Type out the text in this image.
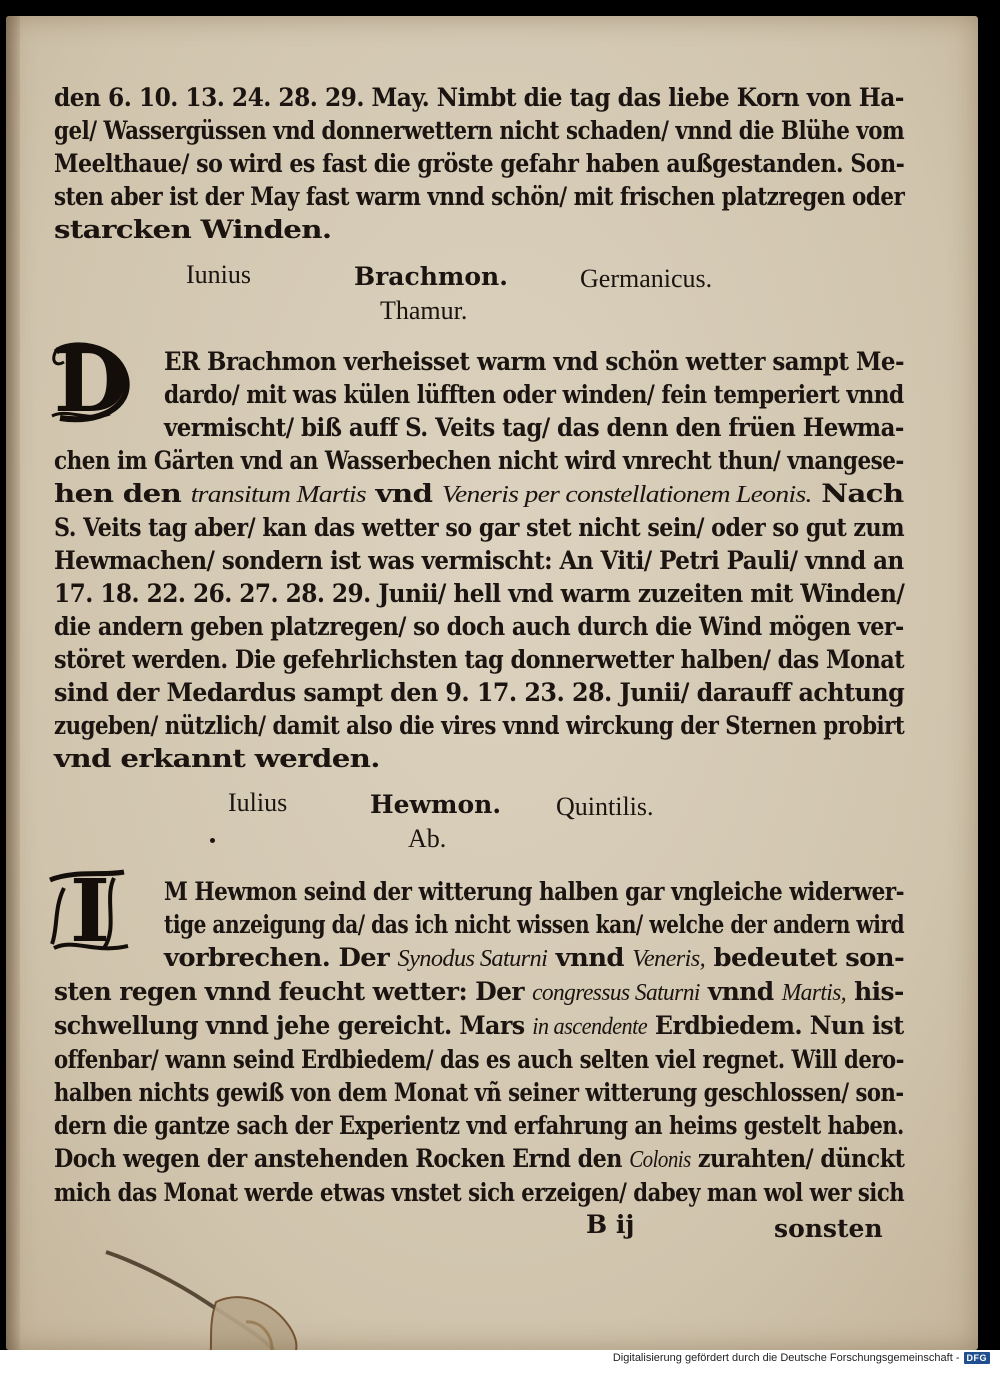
den 6. 10. 13. 24. 28. 29. May. Nimbt die tag das liebe Korn von Ha-
gel/ Wassergüssen vnd donnerwettern nicht schaden/ vnnd die Blühe vom
Meelthaue/ so wird es fast die gröste gefahr haben außgestanden. Son-
sten aber ist der May fast warm vnnd schön/ mit frischen platzregen oder
starcken Winden.
Iunius	Brachmon.	Germanicus.
Thamur.
D	ER Brachmon verheisset warm vnd schön wetter sampt Me-
dardo/ mit was külen lüfften oder winden/ fein temperiert vnnd
vermischt/ biß auff S. Veits tag/ das denn den früen Hewma-
chen im Gärten vnd an Wasserbechen nicht wird vnrecht thun/ vnangese-
hen den transitum Martis vnd Veneris per constellationem Leonis. Nach
S. Veits tag aber/ kan das wetter so gar stet nicht sein/ oder so gut zum
Hewmachen/ sondern ist was vermischt: An Viti/ Petri Pauli/ vnnd an
17. 18. 22. 26. 27. 28. 29. Junii/ hell vnd warm zuzeiten mit Winden/
die andern geben platzregen/ so doch auch durch die Wind mögen ver-
störet werden. Die gefehrlichsten tag donnerwetter halben/ das Monat
sind der Medardus sampt den 9. 17. 23. 28. Junii/ darauff achtung
zugeben/ nützlich/ damit also die vires vnnd wirckung der Sternen probirt
vnd erkannt werden.
Iulius	Hewmon. Quintilis.
Ab.
I	M Hewmon seind der witterung halben gar vngleiche widerwer-
tige anzeigung da/ das ich nicht wissen kan/ welche der andern wird
vorbrechen. Der Synodus Saturni vnnd Veneris, bedeutet son-
sten regen vnnd feucht wetter: Der congressus Saturni vnnd Martis, his-
schwellung vnnd jehe gereicht. Mars in ascendente Erdbiedem. Nun ist
offenbar/ wann seind Erdbiedem/ das es auch selten viel regnet. Will dero-
halben nichts gewiß von dem Monat vñ seiner witterung geschlossen/ son-
dern die gantze sach der Experientz vnd erfahrung an heims gestelt haben.
Doch wegen der anstehenden Rocken Ernd den Colonis zurahten/ dünckt
mich das Monat werde etwas vnstet sich erzeigen/ dabey man wol wer sich
B ij	sonsten
Digitalisierung gefördert durch die Deutsche Forschungsgemeinschaft - DFG
